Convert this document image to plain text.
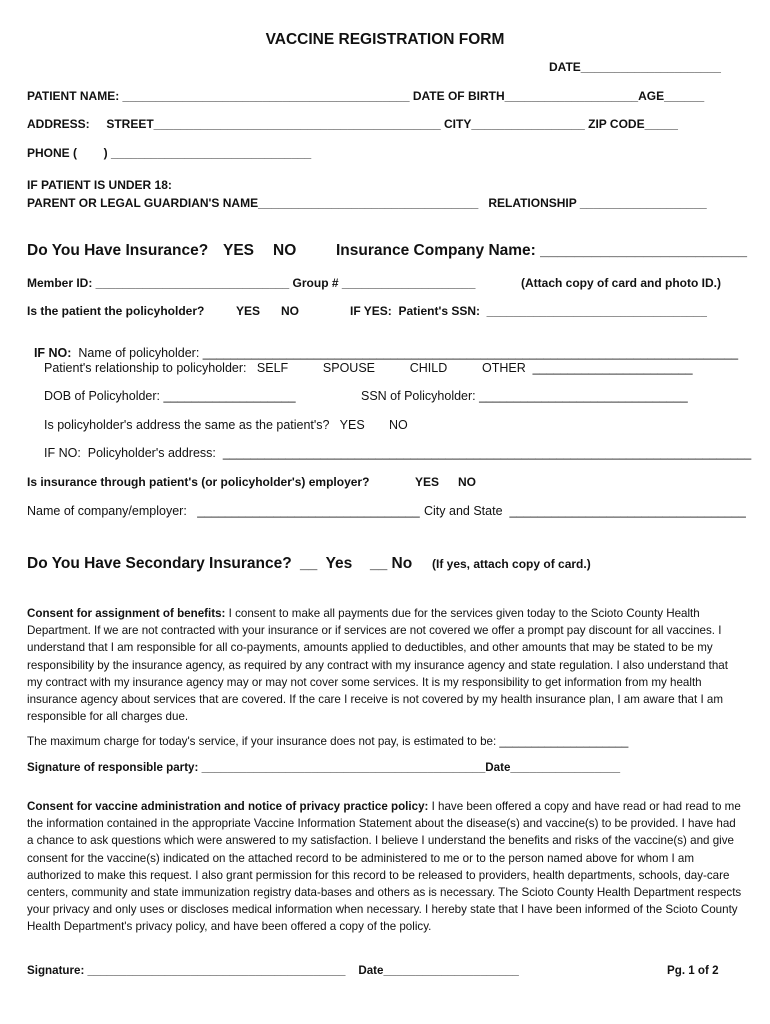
VACCINE REGISTRATION FORM
DATE_____________________
PATIENT NAME: ___________________________________________ DATE OF BIRTH____________________AGE______
ADDRESS:     STREET___________________________________________ CITY_________________ ZIP CODE_____
PHONE (        ) ______________________________
IF PATIENT IS UNDER 18:
PARENT OR LEGAL GUARDIAN'S NAME_________________________________   RELATIONSHIP ___________________
Do You Have Insurance? YES NO	Insurance Company Name: ________________________
Member ID: _____________________________ Group # ____________________	(Attach copy of card and photo ID.)
Is the patient the policyholder?	YES NO	IF YES:  Patient's SSN:  _________________________________

IF NO:  Name of policyholder: _____________________________________________________________________________

Patient's relationship to policyholder:   SELF          SPOUSE          CHILD          OTHER  _______________________
DOB of Policyholder: ___________________	SSN of Policyholder: ______________________________
Is policyholder's address the same as the patient's?   YES       NO
IF NO:  Policyholder's address:  ____________________________________________________________________________
Is insurance through patient's (or policyholder's) employer?	YES NO
Name of company/employer:   ________________________________ City and State  __________________________________
Do You Have Secondary Insurance? __  Yes __ No (If yes, attach copy of card.)
Consent for assignment of benefits: I consent to make all payments due for the services given today to the Scioto County Health Department. If we are not contracted with your insurance or if services are not covered we offer a prompt pay discount for all vaccines. I understand that I am responsible for all co-payments, amounts applied to deductibles, and other amounts that may be stated to be my responsibility by the insurance agency, as required by any contract with my insurance agency and state regulation. I also understand that my contract with my insurance agency may or may not cover some services. It is my responsibility to get information from my health insurance agency about services that are covered. If the care I receive is not covered by my health insurance plan, I am aware that I am responsible for all charges due.
The maximum charge for today's service, if your insurance does not pay, is estimated to be: ____________________
Signature of responsible party: ____________________________________________Date_________________
Consent for vaccine administration and notice of privacy practice policy: I have been offered a copy and have read or had read to me the information contained in the appropriate Vaccine Information Statement about the disease(s) and vaccine(s) to be provided. I have had a chance to ask questions which were answered to my satisfaction. I believe I understand the benefits and risks of the vaccine(s) and give consent for the vaccine(s) indicated on the attached record to be administered to me or to the person named above for whom I am authorized to make this request. I also grant permission for this record to be released to providers, health departments, schools, day-care centers, community and state immunization registry data-bases and others as is necessary. The Scioto County Health Department respects your privacy and only uses or discloses medical information when necessary. I hereby state that I have been informed of the Scioto County Health Department's privacy policy, and have been offered a copy of the policy.
Signature: ________________________________________    Date_____________________	Pg. 1 of 2
